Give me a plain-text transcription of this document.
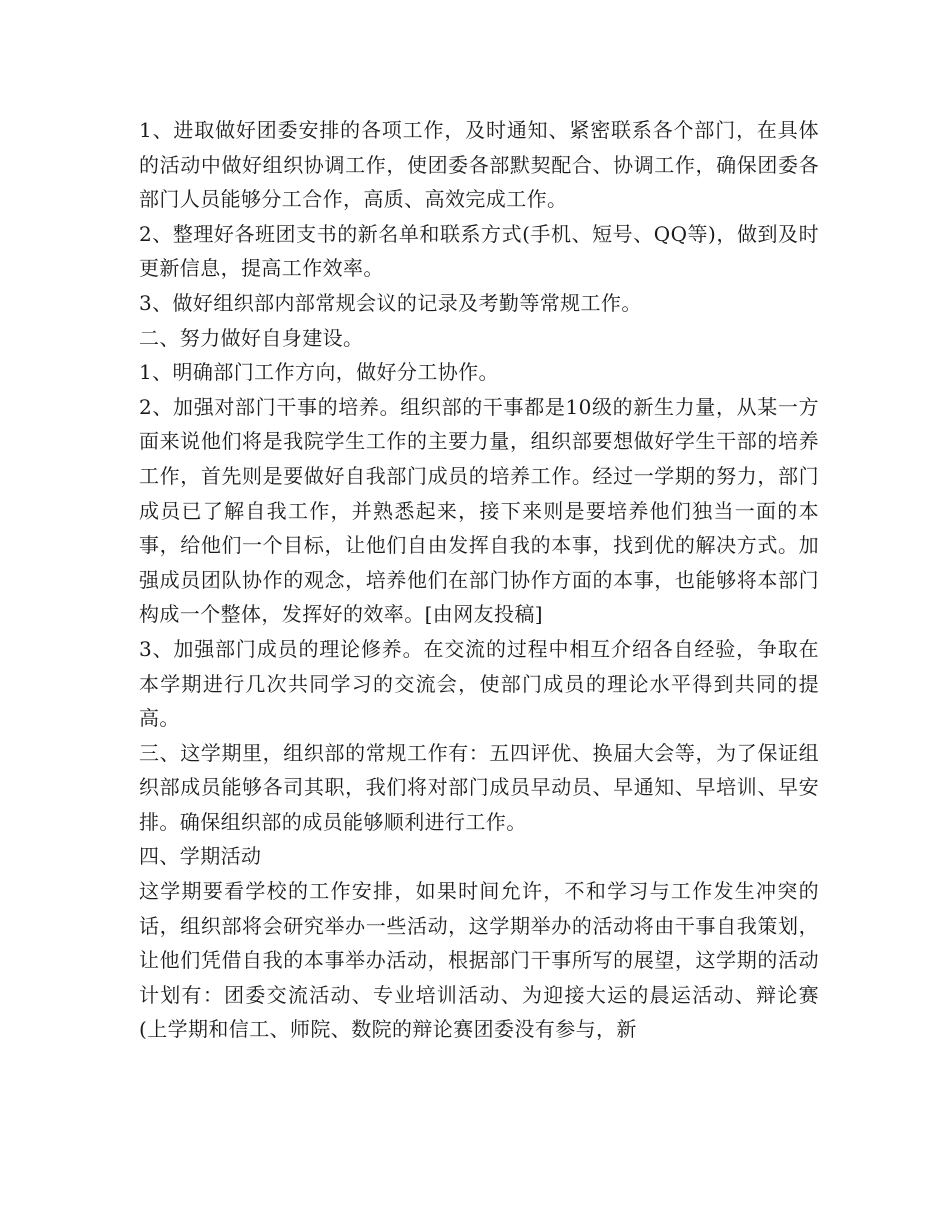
1、进取做好团委安排的各项工作，及时通知、紧密联系各个部门，在具体的活动中做好组织协调工作，使团委各部默契配合、协调工作，确保团委各部门人员能够分工合作，高质、高效完成工作。

2、整理好各班团支书的新名单和联系方式(手机、短号、QQ等)，做到及时更新信息，提高工作效率。

3、做好组织部内部常规会议的记录及考勤等常规工作。

二、努力做好自身建设。

1、明确部门工作方向，做好分工协作。

2、加强对部门干事的培养。组织部的干事都是10级的新生力量，从某一方面来说他们将是我院学生工作的主要力量，组织部要想做好学生干部的培养工作，首先则是要做好自我部门成员的培养工作。经过一学期的努力，部门成员已了解自我工作，并熟悉起来，接下来则是要培养他们独当一面的本事，给他们一个目标，让他们自由发挥自我的本事，找到优的解决方式。加强成员团队协作的观念，培养他们在部门协作方面的本事，也能够将本部门构成一个整体，发挥好的效率。[由网友投稿]

3、加强部门成员的理论修养。在交流的过程中相互介绍各自经验，争取在本学期进行几次共同学习的交流会，使部门成员的理论水平得到共同的提高。

三、这学期里，组织部的常规工作有：五四评优、换届大会等，为了保证组织部成员能够各司其职，我们将对部门成员早动员、早通知、早培训、早安排。确保组织部的成员能够顺利进行工作。

四、学期活动

这学期要看学校的工作安排，如果时间允许，不和学习与工作发生冲突的话，组织部将会研究举办一些活动，这学期举办的活动将由干事自我策划，让他们凭借自我的本事举办活动，根据部门干事所写的展望，这学期的活动计划有：团委交流活动、专业培训活动、为迎接大运的晨运活动、辩论赛(上学期和信工、师院、数院的辩论赛团委没有参与，新
